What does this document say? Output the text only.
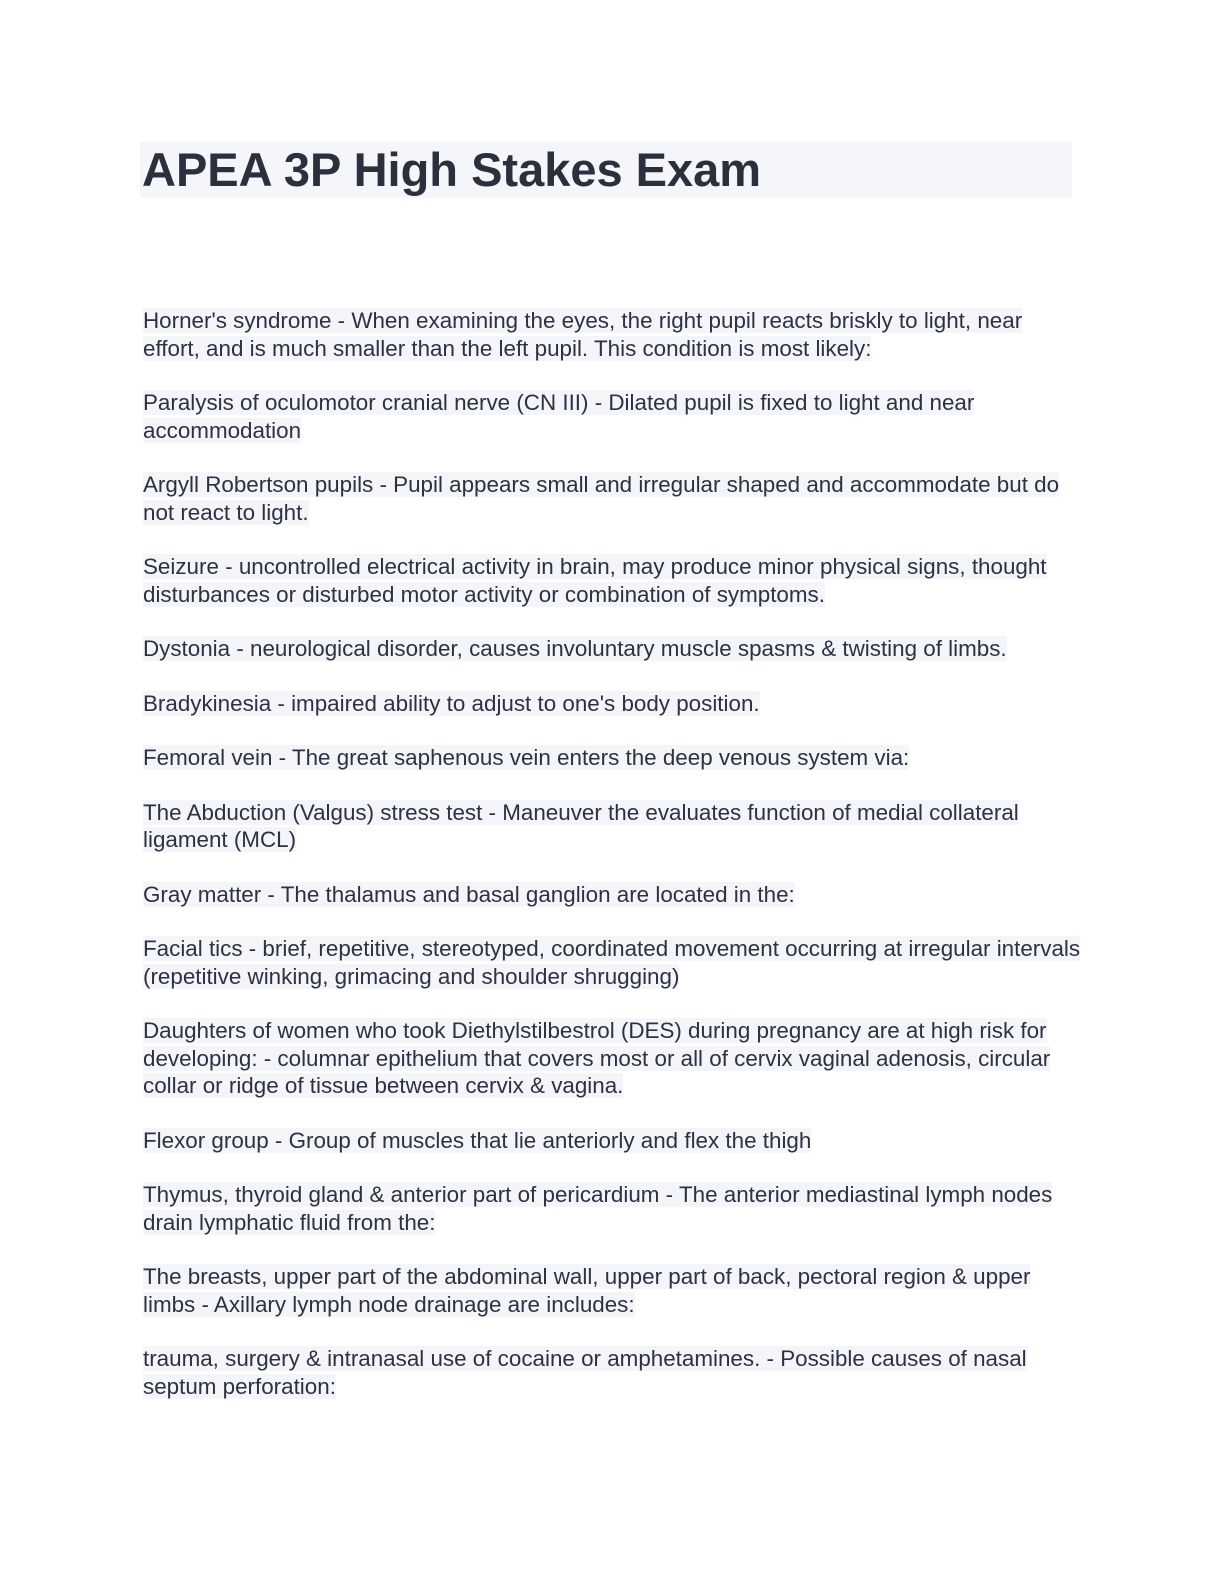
APEA 3P High Stakes Exam

Horner's syndrome - When examining the eyes, the right pupil reacts briskly to light, near effort, and is much smaller than the left pupil. This condition is most likely:

Paralysis of oculomotor cranial nerve (CN III) - Dilated pupil is fixed to light and near accommodation

Argyll Robertson pupils - Pupil appears small and irregular shaped and accommodate but do not react to light.

Seizure - uncontrolled electrical activity in brain, may produce minor physical signs, thought disturbances or disturbed motor activity or combination of symptoms.

Dystonia - neurological disorder, causes involuntary muscle spasms & twisting of limbs.

Bradykinesia - impaired ability to adjust to one's body position.

Femoral vein - The great saphenous vein enters the deep venous system via:

The Abduction (Valgus) stress test - Maneuver the evaluates function of medial collateral ligament (MCL)

Gray matter - The thalamus and basal ganglion are located in the:

Facial tics - brief, repetitive, stereotyped, coordinated movement occurring at irregular intervals (repetitive winking, grimacing and shoulder shrugging)

Daughters of women who took Diethylstilbestrol (DES) during pregnancy are at high risk for developing: - columnar epithelium that covers most or all of cervix vaginal adenosis, circular collar or ridge of tissue between cervix & vagina.

Flexor group - Group of muscles that lie anteriorly and flex the thigh

Thymus, thyroid gland & anterior part of pericardium - The anterior mediastinal lymph nodes drain lymphatic fluid from the:

The breasts, upper part of the abdominal wall, upper part of back, pectoral region & upper limbs - Axillary lymph node drainage are includes:

trauma, surgery & intranasal use of cocaine or amphetamines. - Possible causes of nasal septum perforation:
